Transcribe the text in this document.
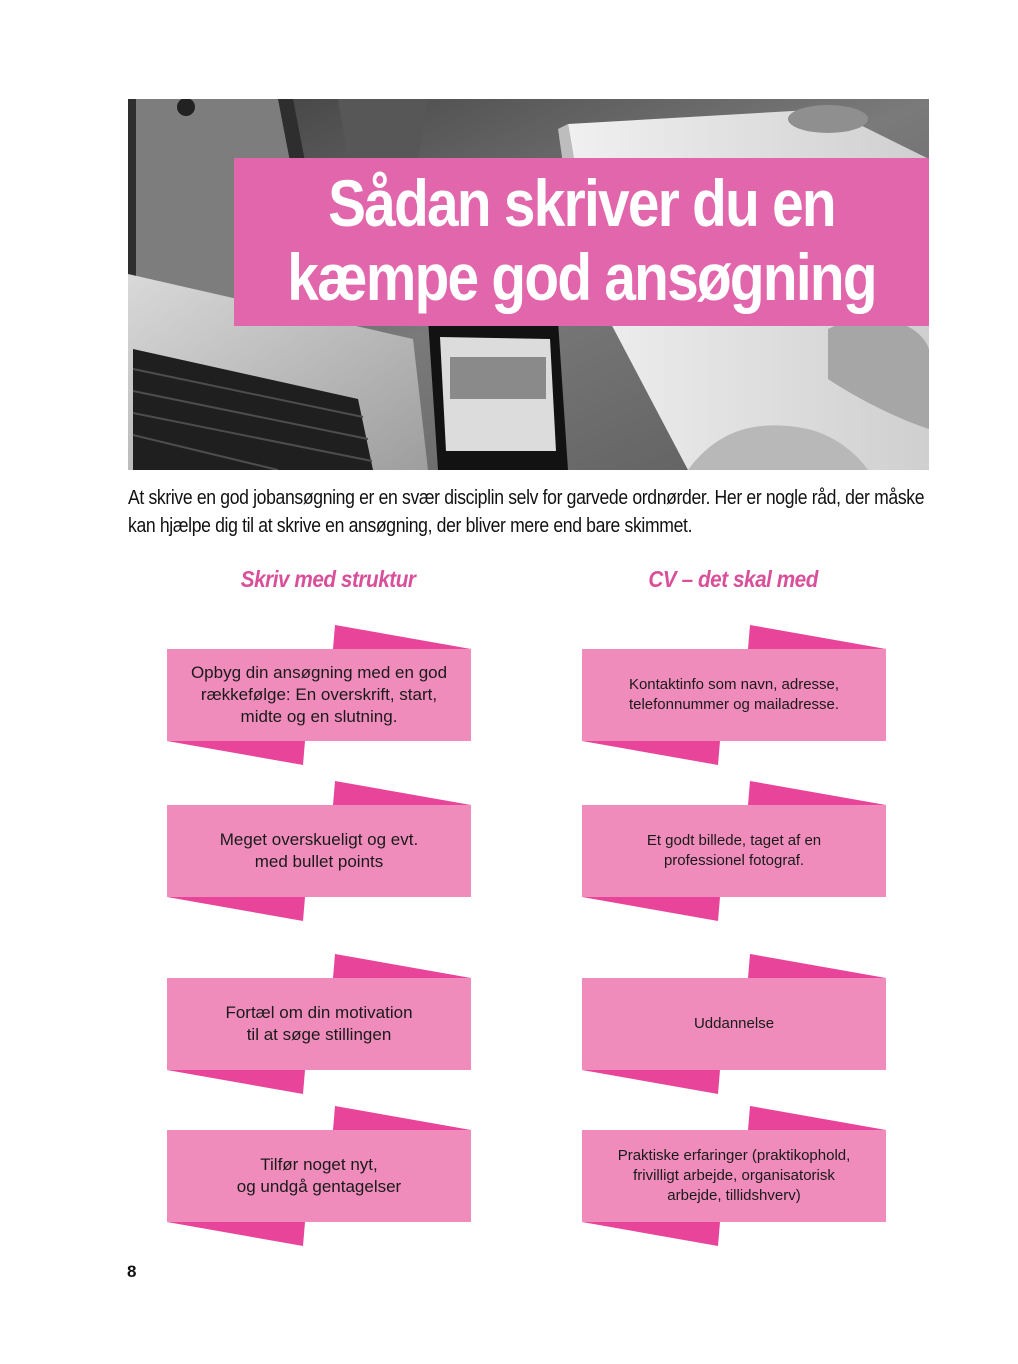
Sådan skriver du en
kæmpe god ansøgning
At skrive en god jobansøgning er en svær disciplin selv for garvede ordnørder. Her er nogle råd, der måske
kan hjælpe dig til at skrive en ansøgning, der bliver mere end bare skimmet.
Skriv med struktur	CV – det skal med
Opbyg din ansøgning med en god
rækkefølge: En overskrift, start,
midte og en slutning.
Meget overskueligt og evt.
med bullet points
Fortæl om din motivation
til at søge stillingen
Tilfør noget nyt,
og undgå gentagelser
Kontaktinfo som navn, adresse,
telefonnummer og mailadresse.
Et godt billede, taget af en
professionel fotograf.
Uddannelse
Praktiske erfaringer (praktikophold,
frivilligt arbejde, organisatorisk
arbejde, tillidshverv)
8
